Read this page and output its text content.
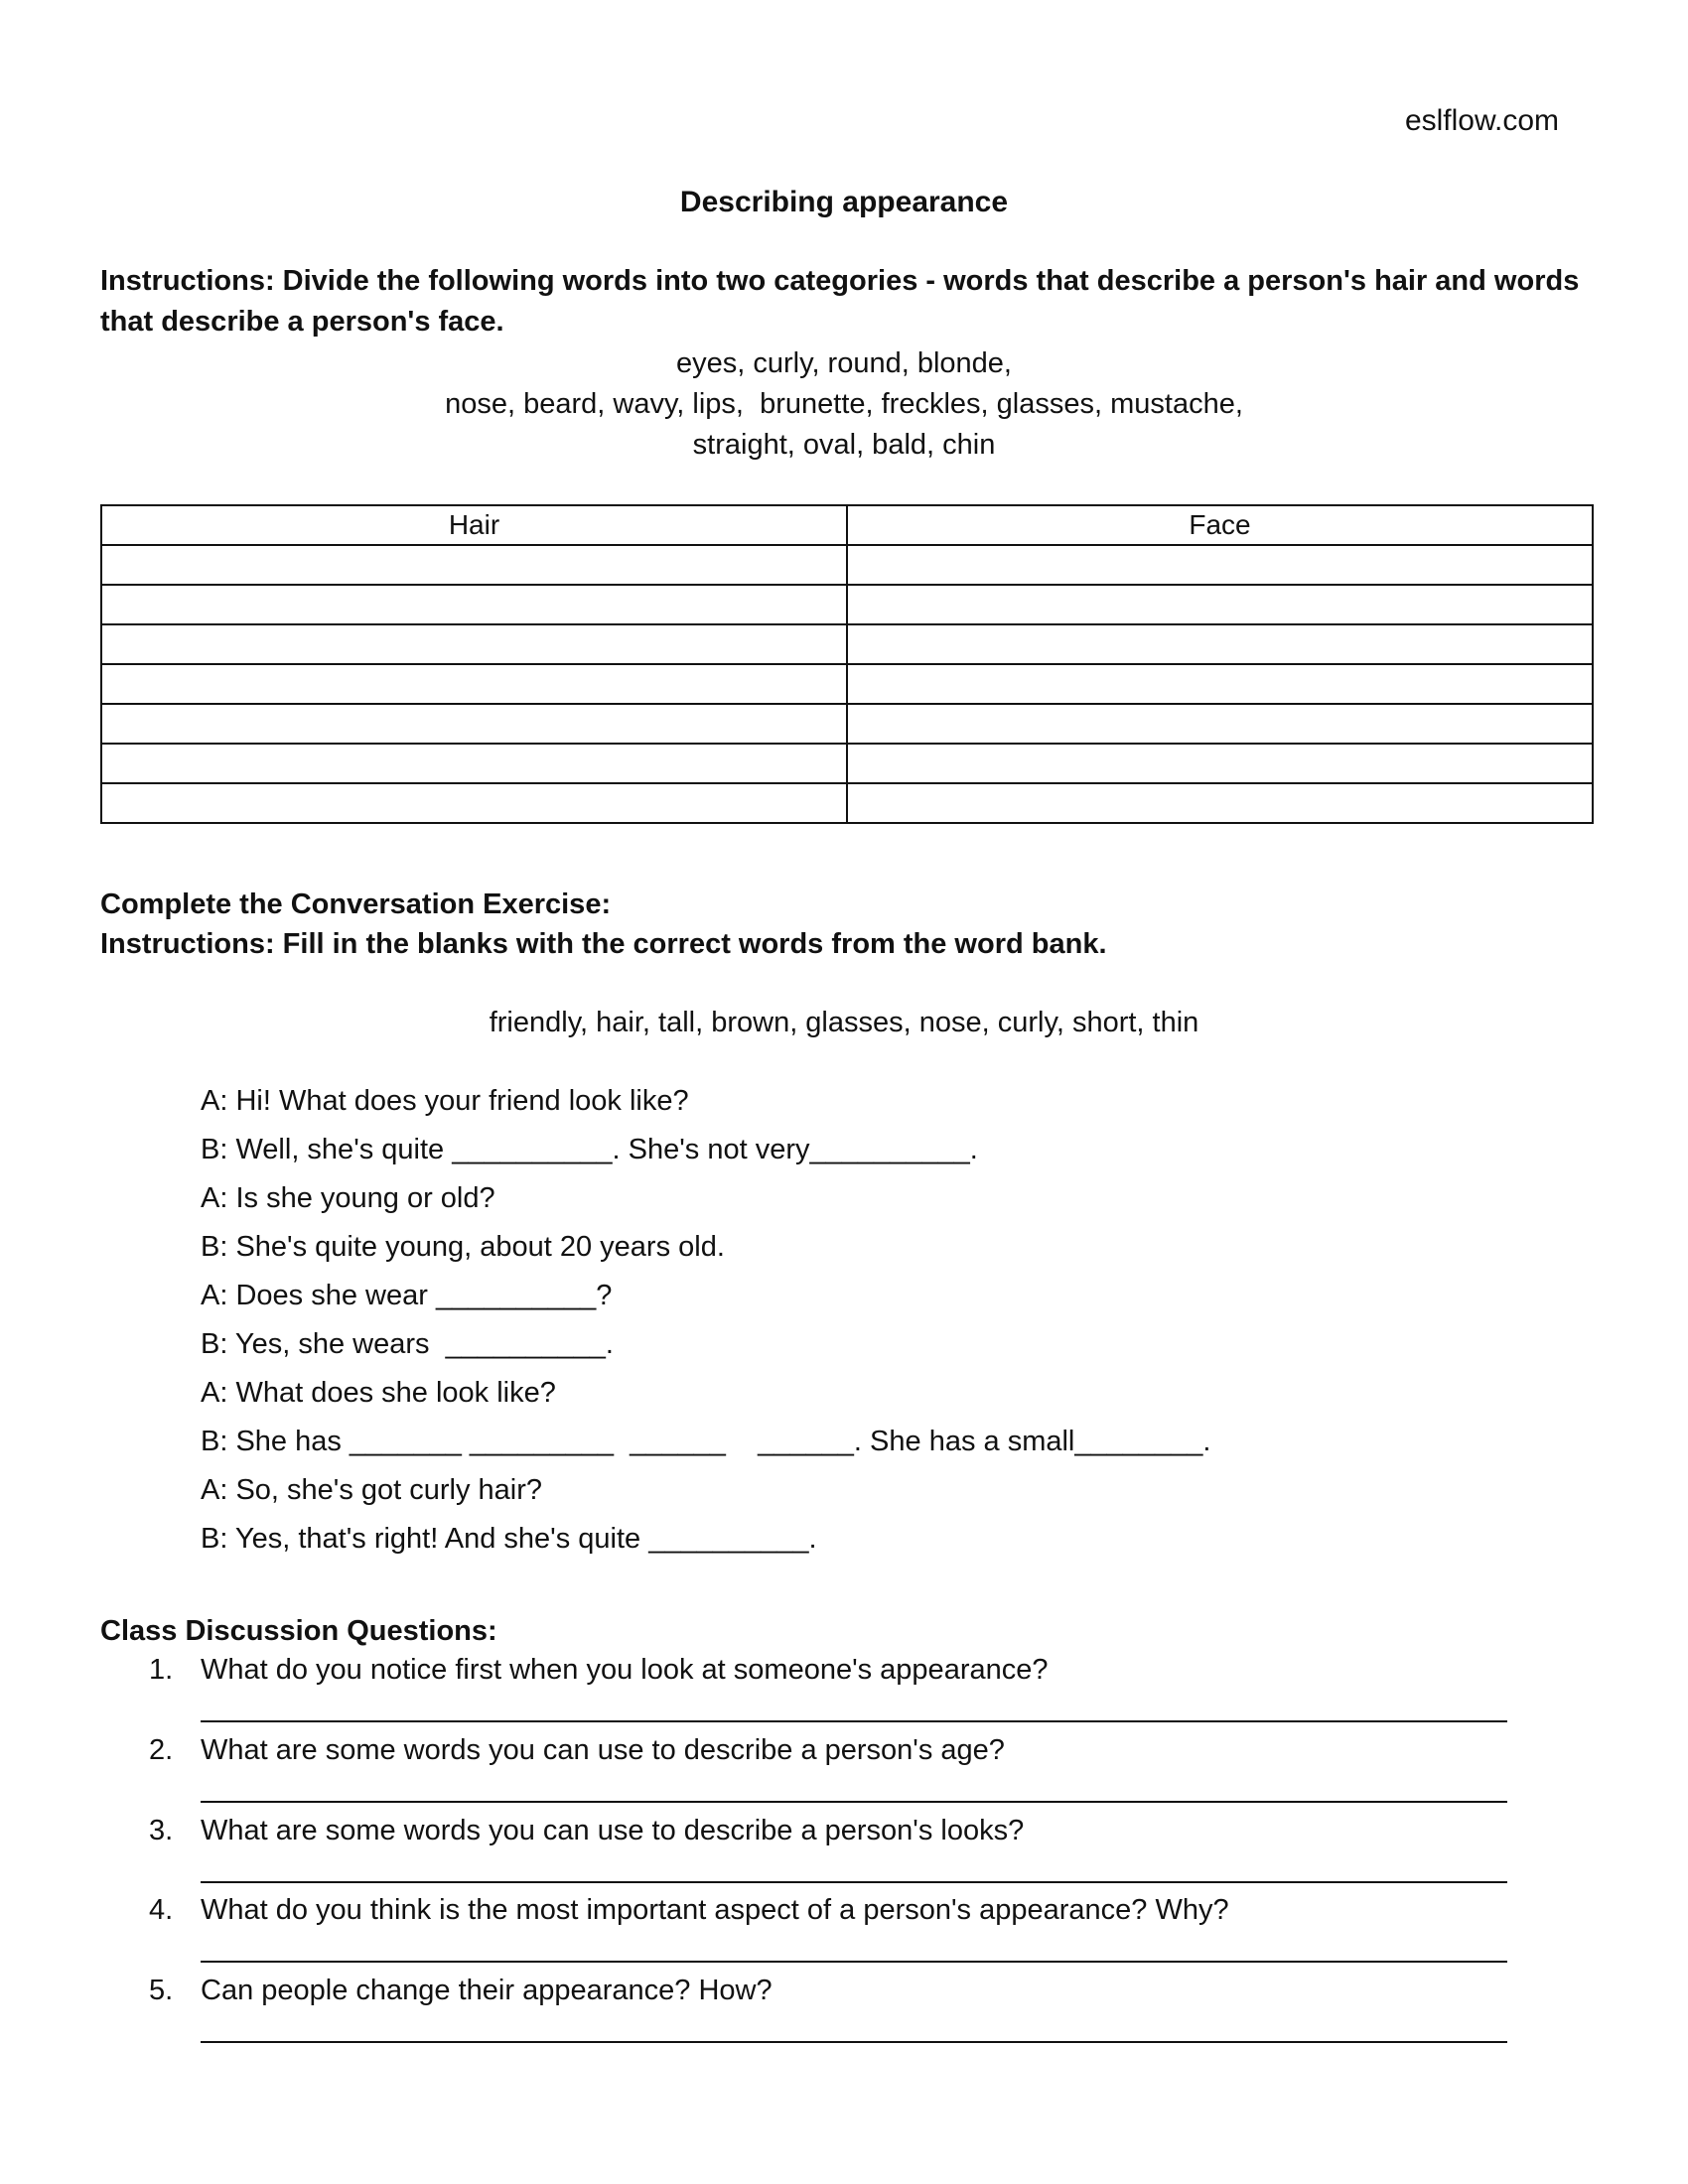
eslflow.com
Describing appearance
Instructions: Divide the following words into two categories - words that describe a person's hair and words that describe a person's face.
eyes, curly, round, blonde,
nose, beard, wavy, lips,  brunette, freckles, glasses, mustache,
straight, oval, bald, chin
Hair	Face

Complete the Conversation Exercise:
Instructions: Fill in the blanks with the correct words from the word bank.
friendly, hair, tall, brown, glasses, nose, curly, short, thin
A: Hi! What does your friend look like?
B: Well, she's quite __________. She's not very__________.
A: Is she young or old?
B: She's quite young, about 20 years old.
A: Does she wear __________?
B: Yes, she wears  __________.
A: What does she look like?
B: She has _______ _________  ______    ______. She has a small________.
A: So, she's got curly hair?
B: Yes, that's right! And she's quite __________.
Class Discussion Questions:
1. What do you notice first when you look at someone's appearance?
2. What are some words you can use to describe a person's age?
3. What are some words you can use to describe a person's looks?
4. What do you think is the most important aspect of a person's appearance? Why?
5. Can people change their appearance? How?
